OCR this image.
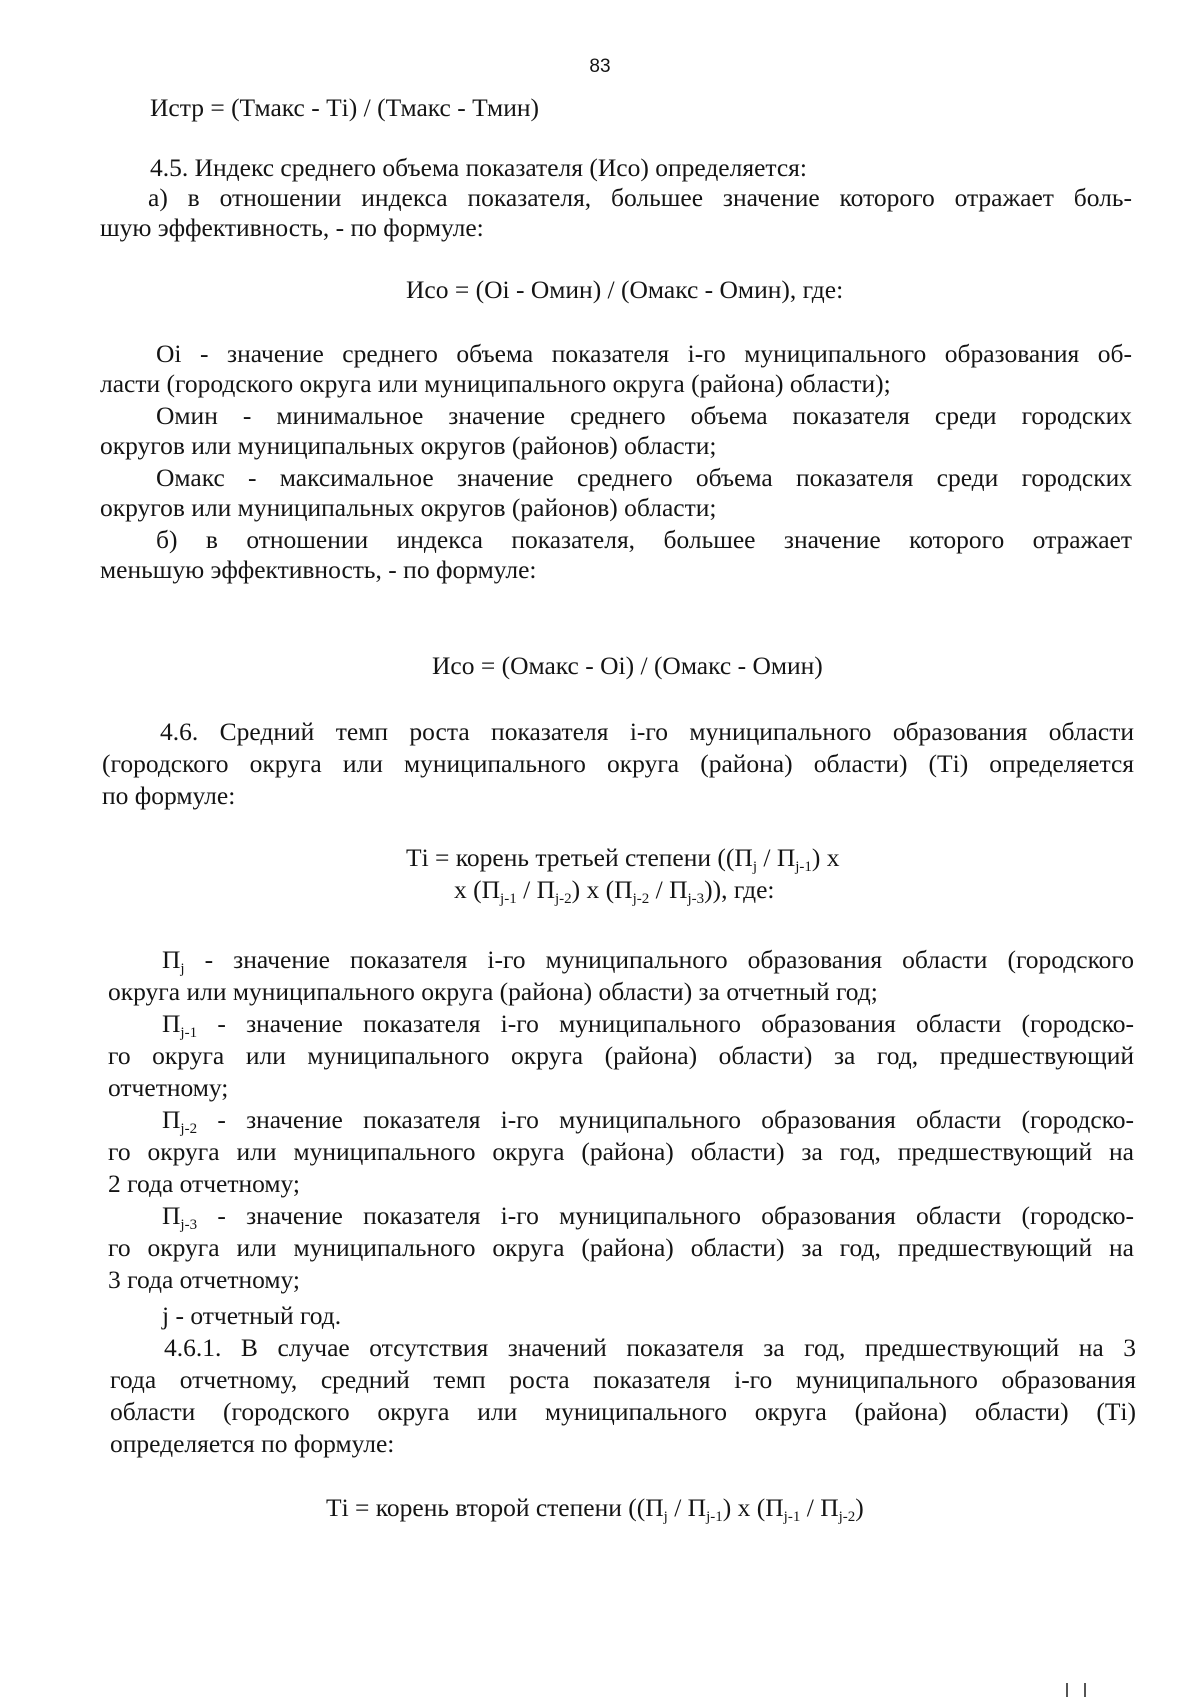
83
Истр = (Тмакс - Тi) / (Тмакс - Тмин)
4.5. Индекс среднего объема показателя (Исо) определяется:
а) в отношении индекса показателя, большее значение которого отражает боль-
шую эффективность, - по формуле:
Исо = (Оi - Омин) / (Омакс - Омин), где:
Оi - значение среднего объема показателя i-го муниципального образования об-
ласти (городского округа или муниципального округа (района) области);
Омин - минимальное значение среднего объема показателя среди городских
округов или муниципальных округов (районов) области;
Омакс - максимальное значение среднего объема показателя среди городских
округов или муниципальных округов (районов) области;
б) в отношении индекса показателя, большее значение которого отражает
меньшую эффективность, - по формуле:
Исо = (Омакс - Оi) / (Омакс - Омин)
4.6. Средний темп роста показателя i-го муниципального образования области
(городского округа или муниципального округа (района) области) (Тi) определяется
по формуле:
Тi = корень третьей степени ($(П_j / П_{j-1})$ х
х $(П_{j-1} / П_{j-2})$ х $(П_{j-2} / П_{j-3})$), где:
$П_j$ - значение показателя i-го муниципального образования области (городского
округа или муниципального округа (района) области) за отчетный год;
$П_{j-1}$ - значение показателя i-го муниципального образования области (городско-
го округа или муниципального округа (района) области) за год, предшествующий
отчетному;
$П_{j-2}$ - значение показателя i-го муниципального образования области (городско-
го округа или муниципального округа (района) области) за год, предшествующий на
2 года отчетному;
$П_{j-3}$ - значение показателя i-го муниципального образования области (городско-
го округа или муниципального округа (района) области) за год, предшествующий на
3 года отчетному;
j - отчетный год.
4.6.1. В случае отсутствия значений показателя за год, предшествующий на 3
года отчетному, средний темп роста показателя i-го муниципального образования
области (городского округа или муниципального округа (района) области) (Тi)
определяется по формуле:
Тi = корень второй степени ($(П_j / П_{j-1})$ х $(П_{j-1} / П_{j-2})$
